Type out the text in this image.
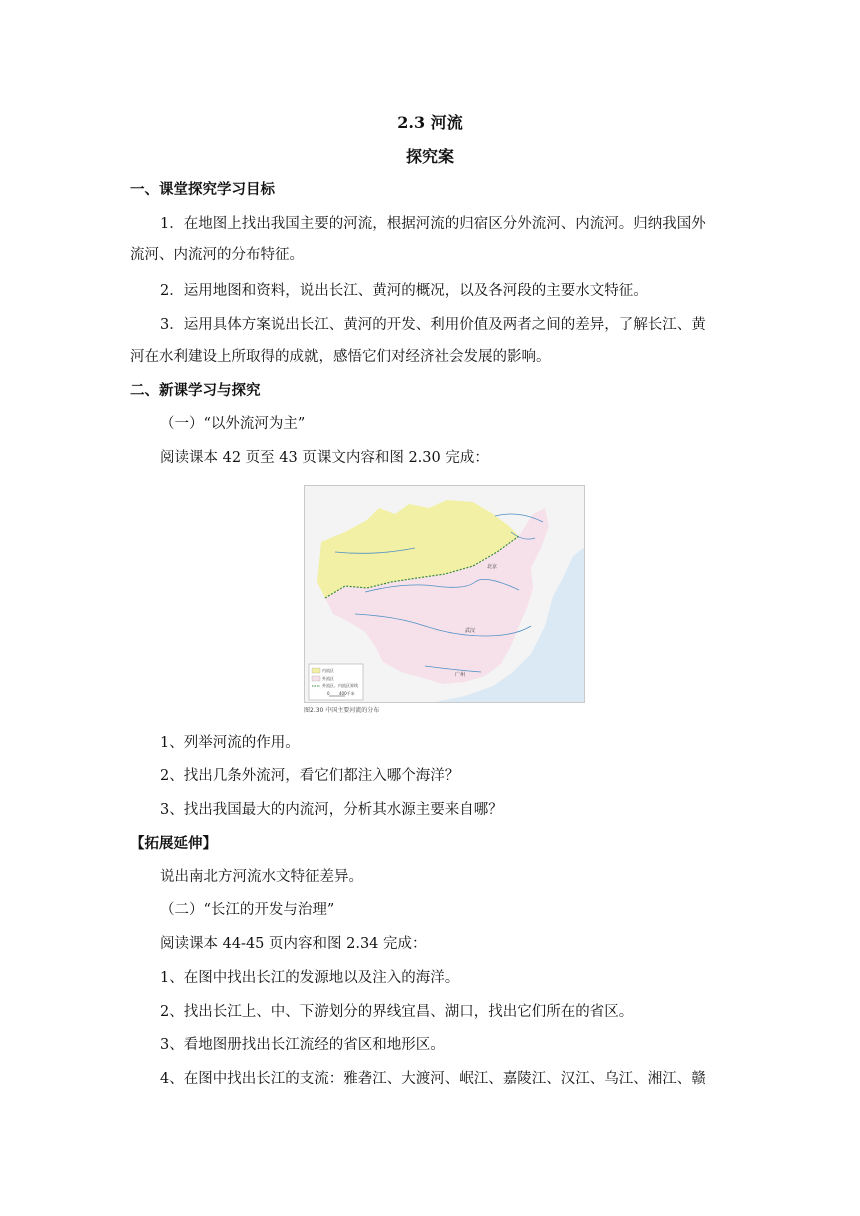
2.3 河流
探究案
一、课堂探究学习目标
1．在地图上找出我国主要的河流，根据河流的归宿区分外流河、内流河。归纳我国外
流河、内流河的分布特征。
2．运用地图和资料，说出长江、黄河的概况，以及各河段的主要水文特征。
3．运用具体方案说出长江、黄河的开发、利用价值及两者之间的差异，了解长江、黄
河在水利建设上所取得的成就，感悟它们对经济社会发展的影响。
二、新课学习与探究
（一）“以外流河为主”
阅读课本 42 页至 43 页课文内容和图 2.30 完成：
内流区
外流区
外流区、内流区界线
0 400千米
北京
武汉
广州
图2.30 中国主要河流的分布
1、列举河流的作用。
2、找出几条外流河，看它们都注入哪个海洋？
3、找出我国最大的内流河，分析其水源主要来自哪？
【拓展延伸】
说出南北方河流水文特征差异。
（二）“长江的开发与治理”
阅读课本 44-45 页内容和图 2.34 完成：
1、在图中找出长江的发源地以及注入的海洋。
2、找出长江上、中、下游划分的界线宜昌、湖口，找出它们所在的省区。
3、看地图册找出长江流经的省区和地形区。
4、在图中找出长江的支流：雅砻江、大渡河、岷江、嘉陵江、汉江、乌江、湘江、赣
